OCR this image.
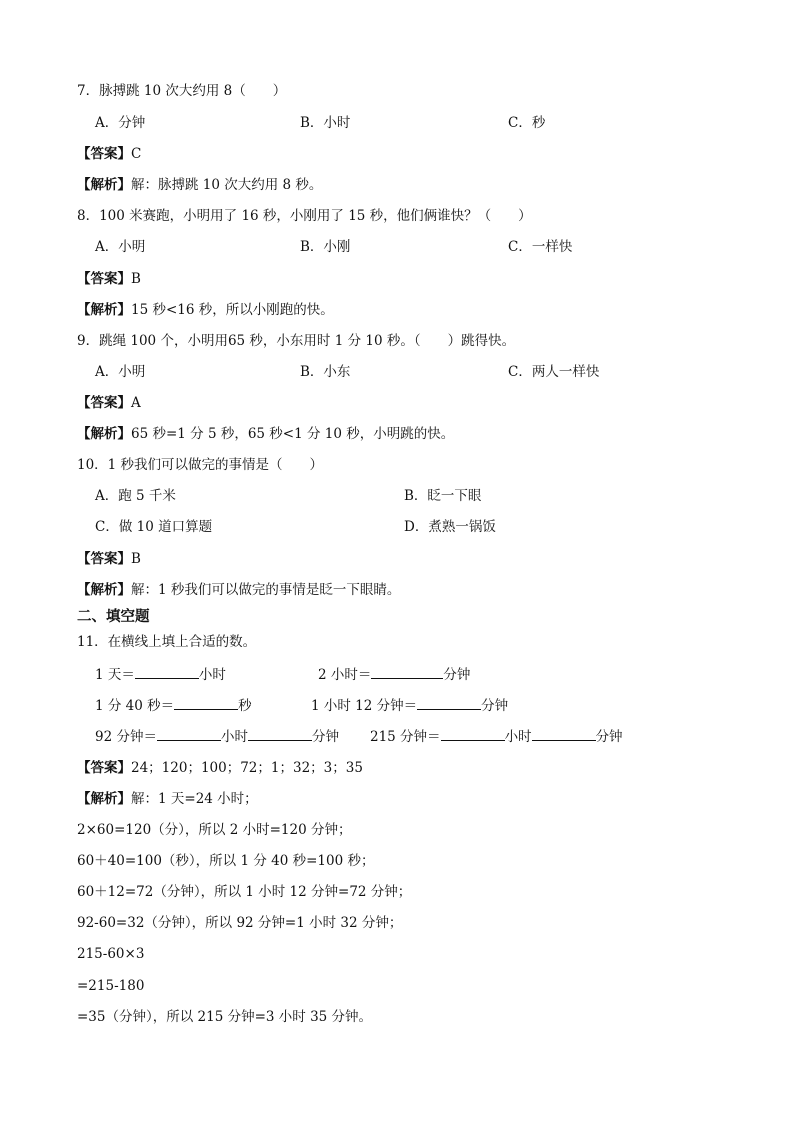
7．脉搏跳 10 次大约用 8（　　）
A．分钟	B．小时	C．秒
【答案】C
【解析】解：脉搏跳 10 次大约用 8 秒。
8．100 米赛跑，小明用了 16 秒，小刚用了 15 秒，他们俩谁快？（　　）
A．小明	B．小刚	C．一样快
【答案】B
【解析】15 秒<16 秒，所以小刚跑的快。
9．跳绳 100 个，小明用65 秒，小东用时 1 分 10 秒。（　　）跳得快。
A．小明	B．小东	C．两人一样快
【答案】A
【解析】65 秒=1 分 5 秒，65 秒<1 分 10 秒，小明跳的快。
10．1 秒我们可以做完的事情是（　　）
A．跑 5 千米	B．眨一下眼
C．做 10 道口算题	D．煮熟一锅饭
【答案】B
【解析】解：1 秒我们可以做完的事情是眨一下眼睛。
二、填空题
11．在横线上填上合适的数。
1 天＝	小时	2 小时＝	分钟
1 分 40 秒＝	秒	1 小时 12 分钟＝	分钟
92 分钟＝	小时	分钟 215 分钟＝	小时	分钟
【答案】24；120；100；72；1；32；3；35
【解析】解：1 天=24 小时；
2×60=120（分），所以 2 小时=120 分钟；
60＋40=100（秒），所以 1 分 40 秒=100 秒；
60＋12=72（分钟），所以 1 小时 12 分钟=72 分钟；
92-60=32（分钟），所以 92 分钟=1 小时 32 分钟；
215-60×3
=215-180
=35（分钟），所以 215 分钟=3 小时 35 分钟。
